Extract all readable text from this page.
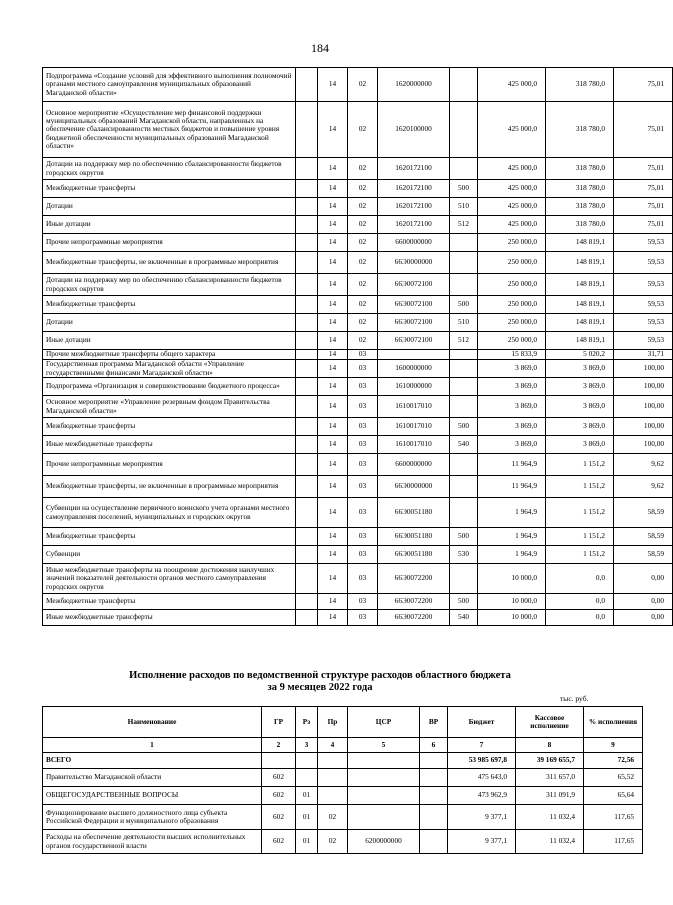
184
Подпрограмма «Создание условий для эффективного выполнения полномочий органами местного самоуправления муниципальных образований Магаданской области»		14	02	1620000000		425 000,0	318 780,0	75,01
Основное мероприятие «Осуществление мер финансовой поддержки муниципальных образований Магаданской области, направленных на обеспечение сбалансированности местных бюджетов и повышение уровня бюджетной обеспеченности муниципальных образований Магаданской области»		14	02	1620100000		425 000,0	318 780,0	75,01
Дотации на поддержку мер по обеспечению сбалансированности бюджетов городских округов		14	02	1620172100		425 000,0	318 780,0	75,01
Межбюджетные трансферты		14	02	1620172100	500	425 000,0	318 780,0	75,01
Дотации		14	02	1620172100	510	425 000,0	318 780,0	75,01
Иные дотации		14	02	1620172100	512	425 000,0	318 780,0	75,01
Прочие непрограммные мероприятия		14	02	6600000000		250 000,0	148 819,1	59,53
Межбюджетные трансферты, не включенные в программные мероприятия		14	02	66Э0000000		250 000,0	148 819,1	59,53
Дотации на поддержку мер по обеспечению сбалансированности бюджетов городских округов		14	02	66Э0072100		250 000,0	148 819,1	59,53
Межбюджетные трансферты		14	02	66Э0072100	500	250 000,0	148 819,1	59,53
Дотации		14	02	66Э0072100	510	250 000,0	148 819,1	59,53
Иные дотации		14	02	66Э0072100	512	250 000,0	148 819,1	59,53
Прочие межбюджетные трансферты общего характера		14	03			15 833,9	5 020,2	31,71
Государственная программа Магаданской области «Управление государственными финансами Магаданской области»		14	03	1600000000		3 869,0	3 869,0	100,00
Подпрограмма «Организация и совершенствование бюджетного процесса»		14	03	1610000000		3 869,0	3 869,0	100,00
Основное мероприятие «Управление резервным фондом Правительства Магаданской области»		14	03	1610017010		3 869,0	3 869,0	100,00
Межбюджетные трансферты		14	03	1610017010	500	3 869,0	3 869,0	100,00
Иные межбюджетные трансферты		14	03	1610017010	540	3 869,0	3 869,0	100,00
Прочие непрограммные мероприятия		14	03	6600000000		11 964,9	1 151,2	9,62
Межбюджетные трансферты, не включенные в программные мероприятия		14	03	66Э0000000		11 964,9	1 151,2	9,62
Субвенции на осуществление первичного воинского учета органами местного самоуправления поселений, муниципальных и городских округов		14	03	66Э0051180		1 964,9	1 151,2	58,59
Межбюджетные трансферты		14	03	66Э0051180	500	1 964,9	1 151,2	58,59
Субвенции		14	03	66Э0051180	530	1 964,9	1 151,2	58,59
Иные межбюджетные трансферты на поощрение достижения наилучших значений показателей деятельности органов местного самоуправления городских округов		14	03	66Э0072200		10 000,0	0,0	0,00
Межбюджетные трансферты		14	03	66Э0072200	500	10 000,0	0,0	0,00
Иные межбюджетные трансферты		14	03	66Э0072200	540	10 000,0	0,0	0,00
Исполнение расходов по ведомственной структуре расходов областного бюджета
за 9 месяцев 2022 года
тыс. руб.
Наименование	ГР	Рз	Пр	ЦСР	ВР	Бюджет	Кассовое исполнение	% исполнения
1	2	3	4	5	6	7	8	9
ВСЕГО						53 985 697,8	39 169 655,7	72,56
Правительство Магаданской области	602					475 643,0	311 657,0	65,52
ОБЩЕГОСУДАРСТВЕННЫЕ ВОПРОСЫ	602	01				473 962,9	311 091,9	65,64
Функционирование высшего должностного лица субъекта Российской Федерации и муниципального образования	602	01	02			9 377,1	11 032,4	117,65
Расходы на обеспечение деятельности высших исполнительных органов государственной власти	602	01	02	6200000000		9 377,1	11 032,4	117,65
